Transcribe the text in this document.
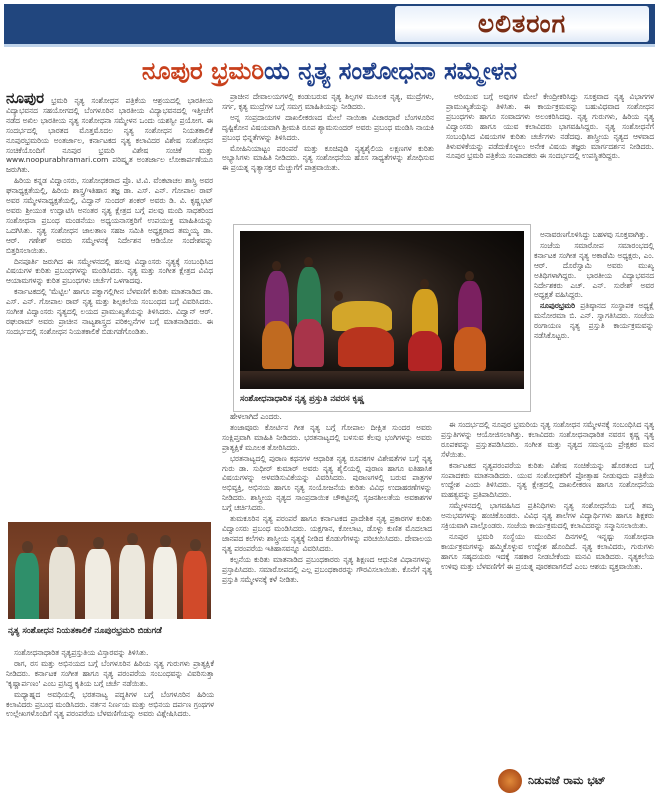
ಲಲಿತರಂಗ
ನೂಪುರ ಭ್ರಮರಿಯ ನೃತ್ಯ ಸಂಶೋಧನಾ ಸಮ್ಮೇಳನ

ನೂಪುರ ಭ್ರಮರಿ ನೃತ್ಯ ಸಂಶೋಧನ ಪತ್ರಿಕೆಯ ಆಶ್ರಯದಲ್ಲಿ ಭಾರತೀಯ ವಿದ್ಯಾಭವನದ ಸಹಯೋಗದಲ್ಲಿ ಬೆಂಗಳೂರಿನ ಭಾರತೀಯ ವಿದ್ಯಾಭವನದಲ್ಲಿ ಇತ್ತೀಚೆಗೆ ನಡೆದ ಅಖಿಲ ಭಾರತೀಯ ನೃತ್ಯ ಸಂಶೋಧನಾ ಸಮ್ಮೇಳನ ಒಂದು ಯಶಸ್ವೀ ಪ್ರಯೋಗ. ಈ ಸಂದರ್ಭದಲ್ಲಿ ಭಾರತದ ಮೊತ್ತಮೊದಲ ನೃತ್ಯ ಸಂಶೋಧನ ನಿಯತಕಾಲಿಕೆ ನೂಪುರಭ್ರಮರಿಯ ಅಂತರ್ಜಾಲ, ಕರ್ನಾಟಕದ ನೃತ್ಯ ಕಲಾವಿದರ ವಿಶೇಷ ಸಂಶೋಧನ ಸಂಚಿಕೆಯೊಂದಿಗೆ ನೂಪುರ ಭ್ರಮರಿ ವಿಶೇಷ ಸಂಚಿಕೆ ಮತ್ತು www.noopurabhramari.com ಪರಿಷ್ಕೃತ ಅಂತರ್ಜಾಲ ಲೋಕಾರ್ಪಣೆಯೂ ಜರುಗಿತು.

ಹಿರಿಯ ಕನ್ನಡ ವಿದ್ವಾಂಸರು, ಸಂಶೋಧಕರಾದ ಪ್ರೊ. ಟಿ.ವಿ. ವೆಂಕಟಾಚಲ ಶಾಸ್ತ್ರಿ ಅವರ ಘನಾಧ್ಯಕ್ಷತೆಯಲ್ಲಿ, ಹಿರಿಯ ಶಾಸ್ತ್ರ/ಇತಿಹಾಸ ತಜ್ಞ ಡಾ. ಎಸ್. ಎನ್. ಗೋಪಾಲ ರಾವ್ ಅವರ ಸಮ್ಮೇಳನಾಧ್ಯಕ್ಷತೆಯಲ್ಲಿ, ವಿದ್ವಾನ್ ಸುಂದರ್ ಶಂಕರ್ ಅವರು ಡಿ. ವಿ. ಕೃಷ್ಣಭಟ್ ಅವರು ಶ್ರೀಯುತ ಉದ್ಘಾಟಿಸಿ ಅನಂತರ ನೃತ್ಯ ಕ್ಷೇತ್ರದ ಬಗ್ಗೆ ಪಲವು ಮಂದಿ ಸಾಧಕರಿಂದ ಸಂಶೋಧನಾ ಪ್ರಬಂಧ ಮಂಡನೆಯು ಅಧ್ಯಯನಾಸಕ್ತರಿಗೆ ಉಪಯುಕ್ತ ಮಾಹಿತಿಯನ್ನು ಒದಗಿಸಿತು. ನೃತ್ಯ ಸಂಶೋಧನ ಜಾಲತಾಣ ಸಹಜ ಸಮಿತಿ ಅಧ್ಯಕ್ಷರಾದ ತಮ್ಮಯ್ಯ ಡಾ. ಆರ್. ಗಣೇಶ್ ಅವರು ಸಮ್ಮೇಳನಕ್ಕೆ ನಿರ್ದೇಶನ ಆಡಿಯೋ ಸಂದೇಶವನ್ನು ಬಿತ್ತರಿಸಲಾಯಿತು.

ದಿನಪೂರ್ತಿ ಜರುಗಿದ ಈ ಸಮ್ಮೇಳನದಲ್ಲಿ ಹಲವು ವಿದ್ವಾಂಸರು ನೃತ್ಯಕ್ಕೆ ಸಂಬಂಧಿಸಿದ ವಿಷಯಗಳ ಕುರಿತು ಪ್ರಬಂಧಗಳನ್ನು ಮಂಡಿಸಿದರು. ನೃತ್ಯ ಮತ್ತು ಸಂಗೀತ ಕ್ಷೇತ್ರದ ವಿವಿಧ ಆಯಾಮಗಳನ್ನು ಕುರಿತ ಪ್ರಬಂಧಗಳು ಚರ್ಚೆಗೆ ಒಳಗಾದವು.

ಕರ್ನಾಟಕದಲ್ಲಿ 'ಮೆಟ್ಟಿಲ' ಹಾಗೂ ಪಕ್ವಾಗಲ್ಲಿಗೀನ ಬೆಳವಣಿಗೆ ಕುರಿತು ಮಾತನಾಡಿದ ಡಾ. ಎಸ್. ಎನ್. ಗೋಪಾಲ ರಾವ್ ನೃತ್ಯ ಮತ್ತು ಶಿಲ್ಪಕಲೆಯ ಸಂಬಂಧದ ಬಗ್ಗೆ ವಿವರಿಸಿದರು. ಸಂಗೀತ ವಿದ್ವಾಂಸರು ನೃತ್ಯದಲ್ಲಿ ಲಯದ ಪ್ರಾಮುಖ್ಯತೆಯನ್ನು ತಿಳಿಸಿದರು. ವಿದ್ವಾನ್ ಆರ್. ರಘುರಾಮ್ ಅವರು ಪ್ರಾಚೀನ ನಾಟ್ಯಶಾಸ್ತ್ರದ ಪರಿಕಲ್ಪನೆಗಳ ಬಗ್ಗೆ ಮಾತನಾಡಿದರು. ಈ ಸಂದರ್ಭದಲ್ಲಿ ಸಂಶೋಧನ ನಿಯತಕಾಲಿಕೆ ಬಿಡುಗಡೆಗೊಂಡಿತು.

ಪ್ರಾಚೀನ ದೇವಾಲಯಗಳಲ್ಲಿ ಕಂಡುಬರುವ ನೃತ್ಯ ಶಿಲ್ಪಗಳ ಮೂಲಕ ನೃತ್ಯ, ಮುದ್ರೆಗಳು, ಸರ್ಗ, ಕೃತ್ಯ ಮುದ್ರೆಗಳ ಬಗ್ಗೆ ಸಮಗ್ರ ಮಾಹಿತಿಯನ್ನು ನೀಡಿದರು.

ಅನ್ನ ಸಂಪ್ರದಾಯಗಳ ದಾಖಲೀಕರಣದ ಮೇಲೆ ನಾಯಿಕಾ ವಿಚಾರಧಾರೆ ಬೆಂಗಳೂರಿನ ದೃಷ್ಟಿಕೋನ ವಿಷಯವಾಗಿ ಶ್ರೀಮತಿ ರೂಪ ಶ್ಯಾಮಸುಂದರ್ ಅವರು ಪ್ರಬಂಧ ಮಂಡಿಸಿ ನಾಯಕಿ ಪ್ರಬಂಧ ಭಿನ್ನತೆಗಳನ್ನು ತಿಳಿಸಿದರು.

ಮೋಹಿನಿಯಾಟ್ಟಂ ಪರಂಪರೆ ಮತ್ತು ಕೂಚಿಪುಡಿ ನೃತ್ಯಶೈಲಿಯ ಲಕ್ಷಣಗಳ ಕುರಿತು ಅಭ್ಯಾಸಿಗಳು ಮಾಹಿತಿ ನೀಡಿದರು. ನೃತ್ಯ ಸಂಶೋಧನೆಯ ಹೊಸ ಸಾಧ್ಯತೆಗಳನ್ನು ಶೋಧಿಸುವ ಈ ಪ್ರಯತ್ನ ನೃತ್ಯಾಸಕ್ತರ ಮೆಚ್ಚುಗೆಗೆ ಪಾತ್ರವಾಯಿತು.

ಅರಿಯುವ ಬಗ್ಗೆ ಅವುಗಳ ಮೇಲೆ ಕೇಂದ್ರೀಕರಿಸಿದ್ದು ಸೂಕ್ತವಾದ ನೃತ್ಯ ವಿಭಾಗಗಳ ಪ್ರಾಮುಖ್ಯತೆಯನ್ನು ತಿಳಿಸಿತು. ಈ ಕಾರ್ಯಕ್ರಮವನ್ನು ಬಹುವಿಧವಾದ ಸಂಶೋಧನ ಪ್ರಬಂಧಗಳು ಹಾಗೂ ಸಂವಾದಗಳು ಅಲಂಕರಿಸಿದವು. ನೃತ್ಯ ಗುರುಗಳು, ಹಿರಿಯ ನೃತ್ಯ ವಿದ್ವಾಂಸರು ಹಾಗೂ ಯುವ ಕಲಾವಿದರು ಭಾಗವಹಿಸಿದ್ದರು. ನೃತ್ಯ ಸಂಶೋಧನೆಗೆ ಸಂಬಂಧಿಸಿದ ವಿಷಯಗಳ ಕುರಿತು ಚರ್ಚೆಗಳು ನಡೆದವು. ಶಾಸ್ತ್ರೀಯ ನೃತ್ಯದ ಆಳವಾದ ತಿಳುವಳಿಕೆಯನ್ನು ಪಡೆದುಕೊಳ್ಳಲು ಅನೇಕ ವಿಷಯ ತಜ್ಞರು ಮಾರ್ಗದರ್ಶನ ನೀಡಿದರು. ನೂಪುರ ಭ್ರಮರಿ ಪತ್ರಿಕೆಯ ಸಂಪಾದಕರು ಈ ಸಂದರ್ಭದಲ್ಲಿ ಉಪಸ್ಥಿತರಿದ್ದರು.

ಅನಾವರಣಗೊಳಿಸಿದ್ದು ಬಹಳವು ಸೂಕ್ತವಾಗಿತ್ತು.

ಸಂಜೆಯ ಸಮಾರೋಪ ಸಮಾರಂಭದಲ್ಲಿ ಕರ್ನಾಟಕ ಸಂಗೀತ ನೃತ್ಯ ಅಕಾಡೆಮಿ ಅಧ್ಯಕ್ಷರು, ಎಂ. ಆರ್. ದೊರೆಸ್ವಾಮಿ ಅವರು ಮುಖ್ಯ ಅತಿಥಿಗಳಾಗಿದ್ದರು. ಭಾರತೀಯ ವಿದ್ಯಾಭವನದ ನಿರ್ದೇಶಕರು ಎಚ್. ಎನ್. ಸುರೇಶ್ ಅವರ ಅಧ್ಯಕ್ಷತೆ ವಹಿಸಿದ್ದರು.

ನೂಪುರಭ್ರಮರಿ ಪ್ರತಿಷ್ಠಾನದ ಸಂಸ್ಥಾಪಕ ಅಧ್ಯಕ್ಷೆ ಮನೋರಮಾ ಬಿ. ಎನ್. ಸ್ವಾಗತಿಸಿದರು. ಸಂಜೆಯ ರಂಗಾಯಣ ನೃತ್ಯ ಪ್ರಸ್ತುತಿ ಕಾರ್ಯಕ್ರಮವನ್ನು ನಡೆಸಿಕೊಟ್ಟರು.

ಸಂಶೋಧನಾಧಾರಿತ ನೃತ್ಯ ಪ್ರಸ್ತುತಿ ನವರಸ ಕೃಷ್ಣ

ಹೇಳಲಾಗಿದೆ ಎಂದರು.

ತಂಜಾವೂರು ಕೋರ್ಟಿನ ಗೀತ ನೃತ್ಯ ಬಗ್ಗೆ ಗೋಪಾಲ ದೀಕ್ಷಿತ ಸುಂದರ ಅವರು ಸಂಕ್ಷಿಪ್ತವಾಗಿ ಮಾಹಿತಿ ನೀಡಿದರು. ಭರತನಾಟ್ಯದಲ್ಲಿ ಬಳಸುವ ಕೆಲವು ಭಂಗಿಗಳನ್ನು ಅವರು ಪ್ರಾತ್ಯಕ್ಷಿಕೆ ಮೂಲಕ ತೋರಿಸಿದರು.

ಭರತನಾಟ್ಯದಲ್ಲಿ ಪುರಾಣ ಕಥನಗಳ ಆಧಾರಿತ ನೃತ್ಯ ರೂಪಕಗಳ ವಿಶೇಷತೆಗಳ ಬಗ್ಗೆ ನೃತ್ಯ ಗುರು ಡಾ. ಸುಧೀರ್ ಕುಮಾರ್ ಅವರು ನೃತ್ಯ ಶೈಲಿಯಲ್ಲಿ ಪುರಾಣ ಹಾಗೂ ಐತಿಹಾಸಿಕ ವಿಷಯಗಳನ್ನು ಅಳವಡಿಸುವಿಕೆಯನ್ನು ವಿವರಿಸಿದರು. ಪುರಾಣಗಳಲ್ಲಿ ಬರುವ ಪಾತ್ರಗಳ ಅಭಿವ್ಯಕ್ತಿ, ಅಭಿನಯ ಹಾಗೂ ನೃತ್ಯ ಸಂಯೋಜನೆಯ ಕುರಿತು ವಿವಿಧ ಉದಾಹರಣೆಗಳನ್ನು ನೀಡಿದರು. ಶಾಸ್ತ್ರೀಯ ನೃತ್ಯದ ಸಾಂಪ್ರದಾಯಿಕ ಚೌಕಟ್ಟಿನಲ್ಲಿ ಸೃಜನಶೀಲತೆಯ ಅವಕಾಶಗಳ ಬಗ್ಗೆ ಚರ್ಚಿಸಿದರು.

ತುಮಕೂರಿನ ನೃತ್ಯ ಪರಂಪರೆ ಹಾಗೂ ಕರ್ನಾಟಕದ ಪ್ರಾದೇಶಿಕ ನೃತ್ಯ ಪ್ರಕಾರಗಳ ಕುರಿತು ವಿದ್ವಾಂಸರು ಪ್ರಬಂಧ ಮಂಡಿಸಿದರು. ಯಕ್ಷಗಾನ, ಕೋಲಾಟ, ಡೊಳ್ಳು ಕುಣಿತ ಮೊದಲಾದ ಜಾನಪದ ಕಲೆಗಳು ಶಾಸ್ತ್ರೀಯ ನೃತ್ಯಕ್ಕೆ ನೀಡಿದ ಕೊಡುಗೆಗಳನ್ನು ಪರಿಚಯಿಸಿದರು. ದೇವಾಲಯ ನೃತ್ಯ ಪರಂಪರೆಯ ಇತಿಹಾಸವನ್ನೂ ವಿವರಿಸಿದರು.

ಕಲ್ಪನೆಯ ಕುರಿತು ಮಾತನಾಡಿದ ಪ್ರಬಂಧಕಾರರು ನೃತ್ಯ ಶಿಕ್ಷಣದ ಆಧುನಿಕ ವಿಧಾನಗಳನ್ನು ಪ್ರಸ್ತಾಪಿಸಿದರು. ಸಮಾರೋಪದಲ್ಲಿ ಎಲ್ಲ ಪ್ರಬಂಧಕಾರರನ್ನು ಗೌರವಿಸಲಾಯಿತು. ಕೊನೆಗೆ ನೃತ್ಯ ಪ್ರಸ್ತುತಿ ಸಮ್ಮೇಳನಕ್ಕೆ ಕಳೆ ನೀಡಿತು.

ಈ ಸಂದರ್ಭದಲ್ಲಿ ನೂಪುರ ಭ್ರಮರಿಯ ನೃತ್ಯ ಸಂಶೋಧನ ಸಮ್ಮೇಳನಕ್ಕೆ ಸಂಬಂಧಿಸಿದ ನೃತ್ಯ ಪ್ರಸ್ತುತಿಗಳನ್ನು ಆಯೋಜಿಸಲಾಗಿತ್ತು. ಕಲಾವಿದರು ಸಂಶೋಧನಾಧಾರಿತ ನವರಸ ಕೃಷ್ಣ ನೃತ್ಯ ರೂಪಕವನ್ನು ಪ್ರಸ್ತುತಪಡಿಸಿದರು. ಸಂಗೀತ ಮತ್ತು ನೃತ್ಯದ ಸಮನ್ವಯ ಪ್ರೇಕ್ಷಕರ ಮನ ಸೆಳೆಯಿತು.

ಕರ್ನಾಟಕದ ನೃತ್ಯಪರಂಪರೆಯ ಕುರಿತು ವಿಶೇಷ ಸಂಚಿಕೆಯನ್ನು ಹೊರತಂದ ಬಗ್ಗೆ ಸಂಪಾದಕರು ಮಾತನಾಡಿದರು. ಯುವ ಸಂಶೋಧಕರಿಗೆ ಪ್ರೋತ್ಸಾಹ ನೀಡುವುದು ಪತ್ರಿಕೆಯ ಉದ್ದೇಶ ಎಂದು ತಿಳಿಸಿದರು. ನೃತ್ಯ ಕ್ಷೇತ್ರದಲ್ಲಿ ದಾಖಲೀಕರಣ ಹಾಗೂ ಸಂಶೋಧನೆಯ ಮಹತ್ವವನ್ನು ಪ್ರತಿಪಾದಿಸಿದರು.

ಸಮ್ಮೇಳನದಲ್ಲಿ ಭಾಗವಹಿಸಿದ ಪ್ರತಿನಿಧಿಗಳು ನೃತ್ಯ ಸಂಶೋಧನೆಯ ಬಗ್ಗೆ ತಮ್ಮ ಅನುಭವಗಳನ್ನು ಹಂಚಿಕೊಂಡರು. ವಿವಿಧ ನೃತ್ಯ ಶಾಲೆಗಳ ವಿದ್ಯಾರ್ಥಿಗಳು ಹಾಗೂ ಶಿಕ್ಷಕರು ಸಕ್ರಿಯವಾಗಿ ಪಾಲ್ಗೊಂಡರು. ಸಂಜೆಯ ಕಾರ್ಯಕ್ರಮದಲ್ಲಿ ಕಲಾವಿದರನ್ನು ಸನ್ಮಾನಿಸಲಾಯಿತು.

ನೂಪುರ ಭ್ರಮರಿ ಸಂಸ್ಥೆಯು ಮುಂದಿನ ದಿನಗಳಲ್ಲಿ ಇನ್ನಷ್ಟು ಸಂಶೋಧನಾ ಕಾರ್ಯಕ್ರಮಗಳನ್ನು ಹಮ್ಮಿಕೊಳ್ಳುವ ಉದ್ದೇಶ ಹೊಂದಿದೆ. ನೃತ್ಯ ಕಲಾವಿದರು, ಗುರುಗಳು ಹಾಗೂ ಸಹೃದಯರು ಇದಕ್ಕೆ ಸಹಕಾರ ನೀಡಬೇಕೆಂದು ಮನವಿ ಮಾಡಿದರು. ನೃತ್ಯಕಲೆಯ ಉಳಿವು ಮತ್ತು ಬೆಳವಣಿಗೆಗೆ ಈ ಪ್ರಯತ್ನ ಪೂರಕವಾಗಲಿದೆ ಎಂಬ ಆಶಯ ವ್ಯಕ್ತವಾಯಿತು.

ನೃತ್ಯ ಸಂಶೋಧನ ನಿಯತಕಾಲಿಕೆ ನೂಪುರಭ್ರಮರಿ ಬಿಡುಗಡೆ

ಸಂಶೋಧನಾಧಾರಿತ ನೃತ್ಯಪ್ರಸ್ತುತಿಯ ವಿಸ್ತಾರವನ್ನು ತಿಳಿಸಿತು.

ರಾಗ, ರಸ ಮತ್ತು ಅಭಿನಯದ ಬಗ್ಗೆ ಬೆಂಗಳೂರಿನ ಹಿರಿಯ ನೃತ್ಯ ಗುರುಗಳು ಪ್ರಾತ್ಯಕ್ಷಿಕೆ ನೀಡಿದರು. ಕರ್ನಾಟಕ ಸಂಗೀತ ಹಾಗೂ ನೃತ್ಯ ಪರಂಪರೆಯ ಸಂಬಂಧವನ್ನು ವಿವರಿಸುತ್ತಾ 'ಕೃಷ್ಣಾರ್ಪಣಂ' ಎಂಬ ಪ್ರಸಿದ್ಧ ಕೃತಿಯ ಬಗ್ಗೆ ಚರ್ಚೆ ನಡೆಯಿತು.

ಮಧ್ಯಾಹ್ನದ ಅವಧಿಯಲ್ಲಿ ಭರತನಾಟ್ಯ ಪದ್ಧತಿಗಳ ಬಗ್ಗೆ ಬೆಂಗಳೂರಿನ ಹಿರಿಯ ಕಲಾವಿದರು ಪ್ರಬಂಧ ಮಂಡಿಸಿದರು. ನರ್ತನ ನಿರ್ಣಯ ಮತ್ತು ಅಭಿನಯ ದರ್ಪಣ ಗ್ರಂಥಗಳ ಉಲ್ಲೇಖಗಳೊಂದಿಗೆ ನೃತ್ಯ ಪರಂಪರೆಯ ಬೆಳವಣಿಗೆಯನ್ನು ಅವರು ವಿಶ್ಲೇಷಿಸಿದರು.

ನಿಡುವಜೆ ರಾಮ ಭಟ್
